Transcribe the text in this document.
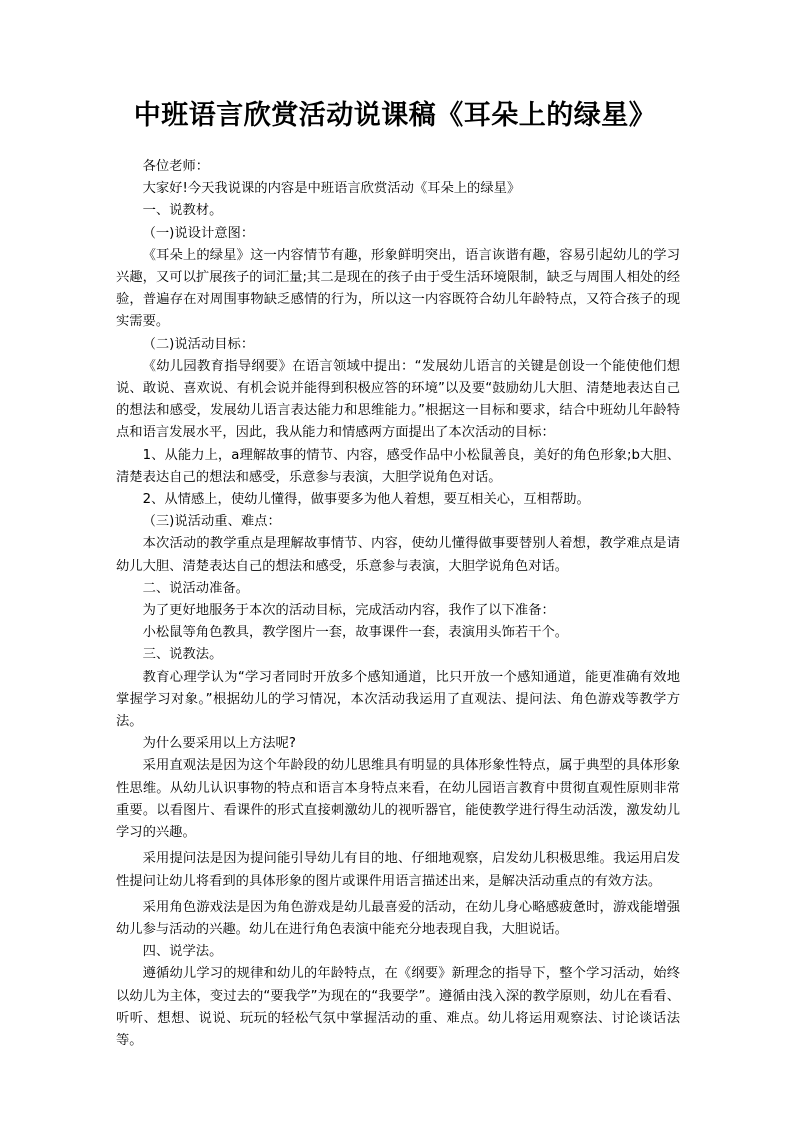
中班语言欣赏活动说课稿《耳朵上的绿星》

各位老师：

大家好!今天我说课的内容是中班语言欣赏活动《耳朵上的绿星》

一、说教材。

（一)说设计意图：

《耳朵上的绿星》这一内容情节有趣，形象鲜明突出，语言诙谐有趣，容易引起幼儿的学习兴趣，又可以扩展孩子的词汇量;其二是现在的孩子由于受生活环境限制，缺乏与周围人相处的经验，普遍存在对周围事物缺乏感情的行为，所以这一内容既符合幼儿年龄特点，又符合孩子的现实需要。

（二)说活动目标：

《幼儿园教育指导纲要》在语言领域中提出：“发展幼儿语言的关键是创设一个能使他们想说、敢说、喜欢说、有机会说并能得到积极应答的环境”以及要“鼓励幼儿大胆、清楚地表达自己的想法和感受，发展幼儿语言表达能力和思维能力。”根据这一目标和要求，结合中班幼儿年龄特点和语言发展水平，因此，我从能力和情感两方面提出了本次活动的目标：

1、从能力上，a理解故事的情节、内容，感受作品中小松鼠善良，美好的角色形象;b大胆、清楚表达自己的想法和感受，乐意参与表演，大胆学说角色对话。

2、从情感上，使幼儿懂得，做事要多为他人着想，要互相关心，互相帮助。

（三)说活动重、难点：

本次活动的教学重点是理解故事情节、内容，使幼儿懂得做事要替别人着想，教学难点是请幼儿大胆、清楚表达自己的想法和感受，乐意参与表演，大胆学说角色对话。

二、说活动准备。

为了更好地服务于本次的活动目标，完成活动内容，我作了以下准备：

小松鼠等角色教具，教学图片一套，故事课件一套，表演用头饰若干个。

三、说教法。

教育心理学认为“学习者同时开放多个感知通道，比只开放一个感知通道，能更准确有效地掌握学习对象。”根据幼儿的学习情况，本次活动我运用了直观法、提问法、角色游戏等教学方法。

为什么要采用以上方法呢?

采用直观法是因为这个年龄段的幼儿思维具有明显的具体形象性特点，属于典型的具体形象性思维。从幼儿认识事物的特点和语言本身特点来看，在幼儿园语言教育中贯彻直观性原则非常重要。以看图片、看课件的形式直接刺激幼儿的视听器官，能使教学进行得生动活泼，激发幼儿学习的兴趣。

采用提问法是因为提问能引导幼儿有目的地、仔细地观察，启发幼儿积极思维。我运用启发性提问让幼儿将看到的具体形象的图片或课件用语言描述出来，是解决活动重点的有效方法。

采用角色游戏法是因为角色游戏是幼儿最喜爱的活动，在幼儿身心略感疲惫时，游戏能增强幼儿参与活动的兴趣。幼儿在进行角色表演中能充分地表现自我，大胆说话。

四、说学法。

遵循幼儿学习的规律和幼儿的年龄特点，在《纲要》新理念的指导下，整个学习活动，始终以幼儿为主体，变过去的“要我学”为现在的“我要学”。遵循由浅入深的教学原则，幼儿在看看、听听、想想、说说、玩玩的轻松气氛中掌握活动的重、难点。幼儿将运用观察法、讨论谈话法等。
